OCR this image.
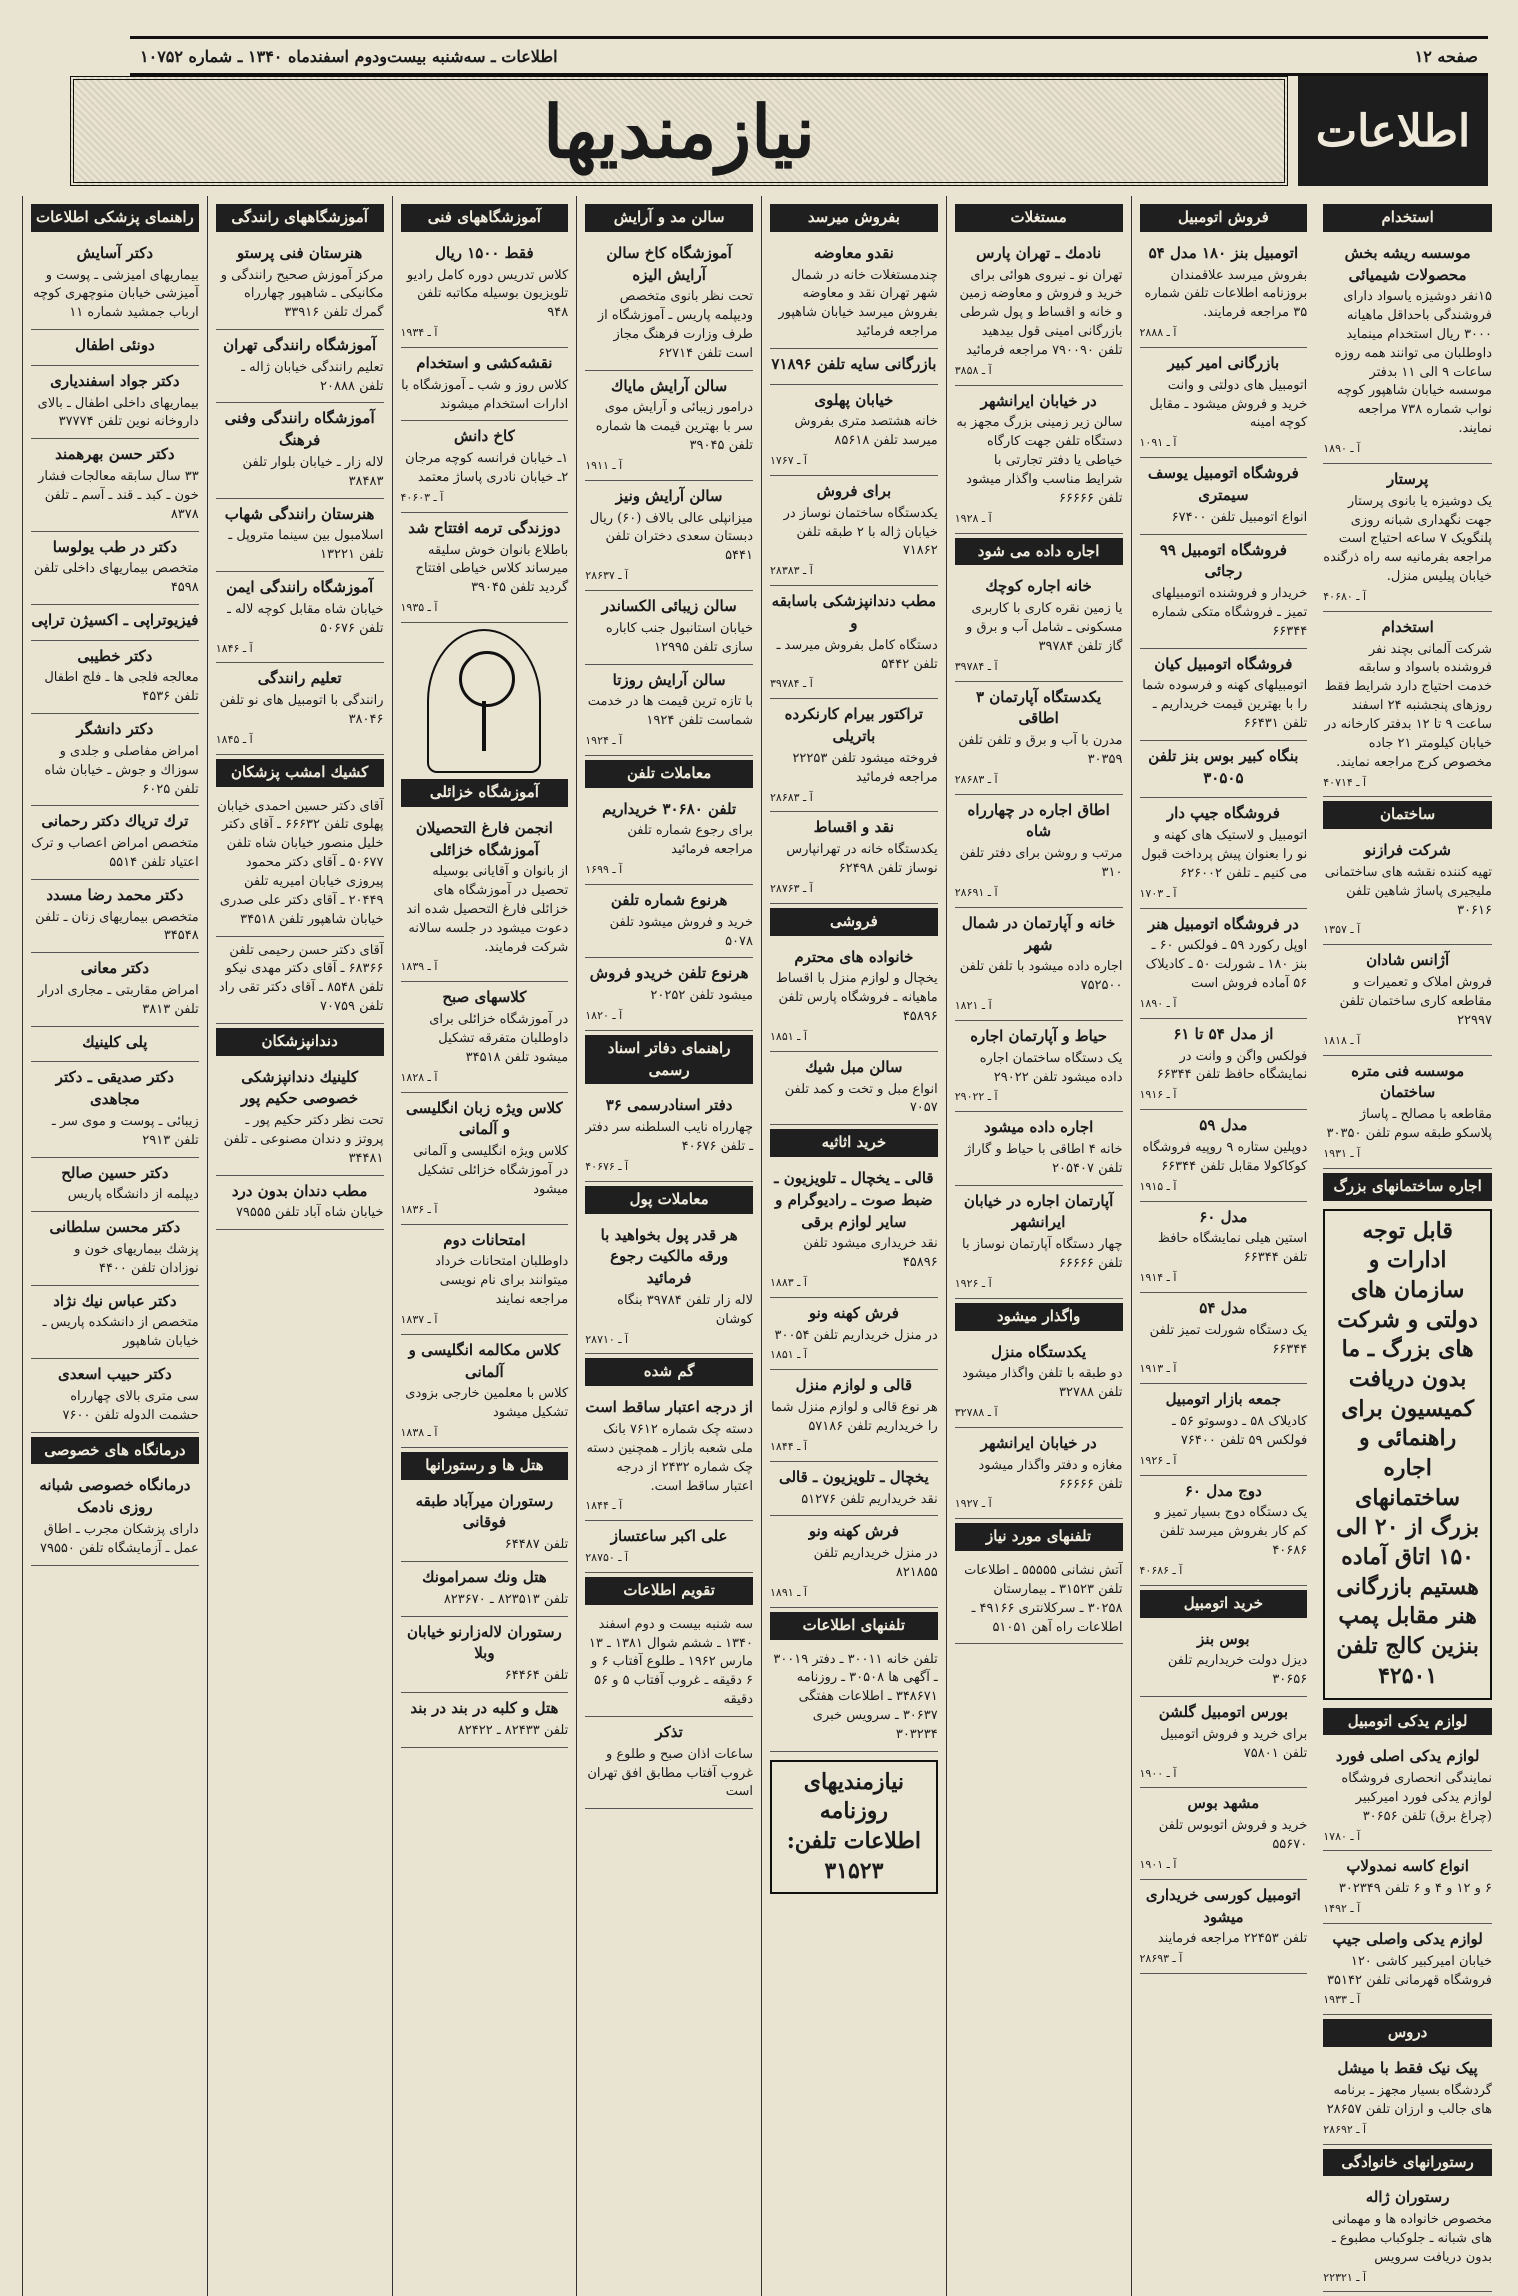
صفحه ۱۲
اطلاعات ـ سه‌شنبه بیست‌ودوم اسفندماه ۱۳۴۰ ـ شماره ۱۰۷۵۲
اطلاعات
نیازمندیها
استخدام
موسسه ریشه بخش محصولات شیمیائی

۱۵نفر دوشیزه یاسواد دارای فروشندگی باحداقل ماهیانه ۳۰۰۰ ریال استخدام مینماید داوطلبان می توانند همه روزه ساعات ۹ الی ۱۱ بدفتر موسسه خیابان شاهپور کوچه نواب شماره ۷۳۸ مراجعه نمایند.

آ ـ ۱۸۹۰
پرستار

یک دوشیزه یا بانوی پرستار جهت نگهداری شبانه روزی پلنگویک ۷ ساعه احتیاج است مراجعه بفرمانیه سه راه ذرگنده خیابان پیلیس منزل.

آ ـ ۴۰۶۸۰
استخدام

شرکت آلمانی بچند نفر فروشنده باسواد و سابقه خدمت احتیاج دارد شرایط فقط روزهای پنجشنبه ۲۴ اسفند ساعت ۹ تا ۱۲ بدفتر کارخانه در خیابان کیلومتر ۲۱ جاده مخصوص کرج مراجعه نمایند.

آ ـ ۴۰۷۱۴
ساختمان
شرکت فرازنو

تهیه کننده نقشه های ساختمانی ملیجیری پاساژ شاهین تلفن ۳۰۶۱۶

آ ـ ۱۳۵۷
آژانس شادان

فروش املاک و تعمیرات و مقاطعه کاری ساختمان تلفن ۲۲۹۹۷

آ ـ ۱۸۱۸
موسسه فنی متره ساختمان

مقاطعه با مصالح ـ پاساژ پلاسکو طبقه سوم تلفن ۳۰۳۵۰

آ ـ ۱۹۳۱
اجاره ساختمانهای بزرگ
قابل توجه ادارات و سازمان های دولتی و شرکت های بزرگ ـ ما بدون دریافت کمیسیون برای راهنمائی و اجاره ساختمانهای بزرگ از ۲۰ الی ۱۵۰ اتاق آماده هستیم بازرگانی هنر مقابل پمپ بنزین کالج تلفن ۴۲۵۰۱
لوازم یدکی اتومبیل
لوازم یدکی اصلی فورد

نمایندگی انحصاری فروشگاه لوازم یدکی فورد امیرکبیر (چراغ برق) تلفن ۳۰۶۵۶

آ ـ ۱۷۸۰
انواع کاسه نمدولاپ

۶ و ۱۲ و ۴ و ۶ تلفن ۳۰۲۳۴۹

آ ـ ۱۴۹۲
لوازم یدکی واصلی جیپ

خیابان امیرکبیر کاشی ۱۲۰ فروشگاه قهرمانی تلفن ۳۵۱۴۲

آ ـ ۱۹۳۳
دروس
پیک نیک فقط با میشل

گردشگاه بسیار مجهز ـ برنامه های جالب و ارزان تلفن ۲۸۶۵۷

آ ـ ۲۸۶۹۲
رستورانهای خانوادگی
رستوران ژاله

مخصوص خانواده ها و مهمانی های شبانه ـ جلوکباب مطبوع ـ بدون دریافت سرویس

آ ـ ۲۲۳۲۱
فروش اتومبیل
اتومبیل بنز ۱۸۰ مدل ۵۴

بفروش میرسد علاقمندان بروزنامه اطلاعات تلفن شماره ۳۵ مراجعه فرمایند.

آ ـ ۲۸۸۸
بازرگانی امیر کبیر

اتومبیل های دولتی و وانت خرید و فروش میشود ـ مقابل کوچه امینه

آ ـ ۱۰۹۱
فروشگاه اتومبیل یوسف سیمتری

انواع اتومبیل تلفن ۶۷۴۰۰

فروشگاه اتومبیل ۹۹ رجائی

خریدار و فروشنده اتومبیلهای تمیز ـ فروشگاه متکی شماره ۶۶۳۴۴

فروشگاه اتومبیل کیان

اتومبیلهای کهنه و فرسوده شما را با بهترین قیمت خریداریم ـ تلفن ۶۶۴۳۱

بنگاه کبیر بوس بنز تلفن ۳۰۵۰۵
فروشگاه جیپ دار

اتومبیل و لاستیک های کهنه و نو را بعنوان پیش پرداخت قبول می کنیم ـ تلفن ۶۲۶۰۰۲

آ ـ ۱۷۰۳
در فروشگاه اتومبیل هنر

اوپل رکورد ۵۹ ـ فولکس ۶۰ ـ بنز ۱۸۰ ـ شورلت ۵۰ ـ کادیلاک ۵۶ آماده فروش است

آ ـ ۱۸۹۰
از مدل ۵۴ تا ۶۱

فولکس واگن و وانت در نمایشگاه حافظ تلفن ۶۶۳۴۴

آ ـ ۱۹۱۶
مدل ۵۹

دوپلین ستاره ۹ روپیه فروشگاه کوکاکولا مقابل تلفن ۶۶۳۴۴

آ ـ ۱۹۱۵
مدل ۶۰

استین هیلی نمایشگاه حافظ تلفن ۶۶۳۴۴

آ ـ ۱۹۱۴
مدل ۵۴

یک دستگاه شورلت تمیز تلفن ۶۶۳۴۴

آ ـ ۱۹۱۳
جمعه بازار اتومبیل

کادیلاک ۵۸ ـ دوسوتو ۵۶ ـ فولکس ۵۹ تلفن ۷۶۴۰۰

آ ـ ۱۹۲۶
دوج مدل ۶۰

یک دستگاه دوج بسیار تمیز و کم کار بفروش میرسد تلفن ۴۰۶۸۶

آ ـ ۴۰۶۸۶
خرید اتومبیل
بوس بنز

دیزل دولت خریداریم تلفن ۳۰۶۵۶

بورس اتومبیل گلشن

برای خرید و فروش اتومبیل تلفن ۷۵۸۰۱

آ ـ ۱۹۰۰
مشهد بوس

خرید و فروش اتوبوس تلفن ۵۵۶۷۰

آ ـ ۱۹۰۱
اتومبیل کورسی خریداری میشود

تلفن ۲۲۴۵۳ مراجعه فرمایند

آ ـ ۲۸۶۹۳
مستغلات
نادمك ـ تهران پارس

تهران نو ـ نیروی هوائی برای خرید و فروش و معاوضه زمین و خانه و اقساط و پول شرطی بازرگانی امینی قول بیدهید تلفن ۷۹۰۰۹۰ مراجعه فرمائید

آ ـ ۳۸۵۸
در خیابان ایرانشهر

سالن زیر زمینی بزرگ مجهز به دستگاه تلفن جهت کارگاه خیاطی یا دفتر تجارتی با شرایط مناسب واگذار میشود تلفن ۶۶۶۶۶

آ ـ ۱۹۲۸
اجاره داده می شود
خانه اجاره کوچك

یا زمین نقره کاری با کاربری مسکونی ـ شامل آب و برق و گاز تلفن ۳۹۷۸۴

آ ـ ۳۹۷۸۴
یکدستگاه آپارتمان ۳ اطاقی

مدرن با آب و برق و تلفن تلفن ۳۰۳۵۹

آ ـ ۲۸۶۸۳
اطاق اجاره در چهارراه شاه

مرتب و روشن برای دفتر تلفن ۳۱۰

آ ـ ۲۸۶۹۱
خانه و آپارتمان در شمال شهر

اجاره داده میشود با تلفن تلفن ۷۵۲۵۰۰

آ ـ ۱۸۲۱
حیاط و آپارتمان اجاره

یک دستگاه ساختمان اجاره داده میشود تلفن ۲۹۰۲۲

آ ـ ۲۹۰۲۲
اجاره داده میشود

خانه ۴ اطاقی با حیاط و گاراژ تلفن ۲۰۵۴۰۷

آپارتمان اجاره در خیابان ایرانشهر

چهار دستگاه آپارتمان نوساز با تلفن ۶۶۶۶۶

آ ـ ۱۹۲۶
واگذار میشود
یکدستگاه منزل

دو طبقه با تلفن واگذار میشود تلفن ۳۲۷۸۸

آ ـ ۳۲۷۸۸
در خیابان ایرانشهر

مغازه و دفتر واگذار میشود تلفن ۶۶۶۶۶

آ ـ ۱۹۲۷
تلفنهای مورد نیاز

آتش نشانی ۵۵۵۵۵ ـ اطلاعات تلفن ۳۱۵۲۳ ـ بیمارستان ۳۰۲۵۸ ـ سرکلانتری ۴۹۱۶۶ ـ اطلاعات راه آهن ۵۱۰۵۱

بفروش میرسد
نقدو معاوضه

چندمستغلات خانه در شمال شهر تهران نقد و معاوضه بفروش میرسد خیابان شاهپور مراجعه فرمائید

بازرگانی سایه تلفن ۷۱۸۹۶
خیابان پهلوی

خانه هشتصد متری بفروش میرسد تلفن ۸۵۶۱۸

آ ـ ۱۷۶۷
برای فروش

یکدستگاه ساختمان نوساز در خیابان ژاله با ۲ طبقه تلفن ۷۱۸۶۲

آ ـ ۲۸۳۸۳
مطب دندانپزشکی باسابقه و

دستگاه کامل بفروش میرسد ـ تلفن ۵۴۴۲

آ ـ ۳۹۷۸۴
تراکتور بیرام کارنکرده باتریلی

فروخته میشود تلفن ۲۲۲۵۳ مراجعه فرمائید

آ ـ ۲۸۶۸۳
نقد و اقساط

یکدستگاه خانه در تهرانپارس نوساز تلفن ۶۲۴۹۸

آ ـ ۲۸۷۶۳
فروشی
خانواده های محترم

یخچال و لوازم منزل با اقساط ماهیانه ـ فروشگاه پارس تلفن ۴۵۸۹۶

آ ـ ۱۸۵۱
سالن مبل شیك

انواع مبل و تخت و کمد تلفن ۷۰۵۷

خرید اثاثیه
قالی ـ یخچال ـ تلویزیون ـ ضبط صوت ـ رادیوگرام و سایر لوازم برقی

نقد خریداری میشود تلفن ۴۵۸۹۶

آ ـ ۱۸۸۳
فرش کهنه ونو

در منزل خریداریم تلفن ۳۰۰۵۴

آ ـ ۱۸۵۱
قالی و لوازم منزل

هر نوع قالی و لوازم منزل شما را خریداریم تلفن ۵۷۱۸۶

آ ـ ۱۸۴۴
یخچال ـ تلویزیون ـ قالی

نقد خریداریم تلفن ۵۱۲۷۶

فرش کهنه ونو

در منزل خریداریم تلفن ۸۲۱۸۵۵

آ ـ ۱۸۹۱
تلفنهای اطلاعات

تلفن خانه ۳۰۰۱۱ ـ دفتر ۳۰۰۱۹ ـ آگهی ها ۳۰۵۰۸ ـ روزنامه ۳۴۸۶۷۱ ـ اطلاعات هفتگی ۳۰۶۳۷ ـ سرویس خبری ۳۰۳۲۳۴

نیازمندیهای روزنامه اطلاعات تلفن: ۳۱۵۲۳
سالن مد و آرایش
آموزشگاه کاخ سالن آرایش الیزه

تحت نظر بانوی متخصص ودیپلمه پاریس ـ آموزشگاه از طرف وزارت فرهنگ مجاز است تلفن ۶۲۷۱۴

سالن آرایش مایاك

درامور زیبائی و آرایش موی سر با بهترین قیمت ها شماره تلفن ۳۹۰۴۵

آ ـ ۱۹۱۱
سالن آرایش ونیز

میزانپلی عالی بالاف (۶۰) ریال دبستان سعدی دختران تلفن ۵۴۴۱

آ ـ ۲۸۶۳۷
سالن زیبائی الکساندر

خیابان استانبول جنب کاباره سازی تلفن ۱۲۹۹۵

سالن آرایش روزتا

با تازه ترین قیمت ها در خدمت شماست تلفن ۱۹۲۴

آ ـ ۱۹۲۴
معاملات تلفن
تلفن ۳۰۶۸۰ خریداریم

برای رجوع شماره تلفن مراجعه فرمائید

آ ـ ۱۶۹۹
هرنوع شماره تلفن

خرید و فروش میشود تلفن ۵۰۷۸

هرنوع تلفن خریدو فروش

میشود تلفن ۲۰۲۵۲

آ ـ ۱۸۲۰
راهنمای دفاتر اسناد رسمی
دفتر اسنادرسمی ۳۶

چهارراه نایب السلطنه سر دفتر ـ تلفن ۴۰۶۷۶

آ ـ ۴۰۶۷۶
معاملات پول
هر قدر پول بخواهید با ورقه مالکیت رجوع فرمائید

لاله زار تلفن ۳۹۷۸۴ بنگاه کوشان

آ ـ ۲۸۷۱۰
گم شده
از درجه اعتبار ساقط است

دسته چک شماره ۷۶۱۲ بانک ملی شعبه بازار ـ همچنین دسته چک شماره ۲۴۳۲ از درجه اعتبار ساقط است.

آ ـ ۱۸۴۴
علی اکبر ساعتساز
آ ـ ۲۸۷۵۰
تقویم اطلاعات

سه شنبه بیست و دوم اسفند ۱۳۴۰ ـ ششم شوال ۱۳۸۱ ـ ۱۳ مارس ۱۹۶۲ ـ طلوع آفتاب ۶ و ۶ دقیقه ـ غروب آفتاب ۵ و ۵۶ دقیقه

تذکر

ساعات اذان صبح و طلوع و غروب آفتاب مطابق افق تهران است

آموزشگاههای فنی
فقط ۱۵۰۰ ریال

کلاس تدریس دوره کامل رادیو تلویزیون بوسیله مکاتبه تلفن ۹۴۸

آ ـ ۱۹۳۴
نقشه‌کشی و استخدام

کلاس روز و شب ـ آموزشگاه با ادارات استخدام میشوند

کاخ دانش

۱ـ خیابان فرانسه کوچه مرجان ۲ـ خیابان نادری پاساژ معتمد

آ ـ ۴۰۶۰۳
دوزندگی ترمه افتتاح شد

باطلاع بانوان خوش سلیقه میرساند کلاس خیاطی افتتاح گردید تلفن ۳۹۰۴۵

آ ـ ۱۹۳۵
آموزشگاه خزائلی
انجمن فارغ التحصیلان آموزشگاه خزائلی

از بانوان و آقایانی بوسیله تحصیل در آموزشگاه های خزائلی فارغ التحصیل شده اند دعوت میشود در جلسه سالانه شرکت فرمایند.

آ ـ ۱۸۳۹
کلاسهای صبح

در آموزشگاه خزائلی برای داوطلبان متفرقه تشکیل میشود تلفن ۳۴۵۱۸

آ ـ ۱۸۲۸
کلاس ویژه زبان انگلیسی و آلمانی

کلاس ویژه انگلیسی و آلمانی در آموزشگاه خزائلی تشکیل میشود

آ ـ ۱۸۳۶
امتحانات دوم

داوطلبان امتحانات خرداد میتوانند برای نام نویسی مراجعه نمایند

آ ـ ۱۸۳۷
کلاس مکالمه انگلیسی و آلمانی

کلاس با معلمین خارجی بزودی تشکیل میشود

آ ـ ۱۸۳۸
هتل ها و رستورانها
رستوران میرآباد طبقه فوقانی

تلفن ۶۴۴۸۷

هتل ونك سمرامونك

تلفن ۸۲۳۵۱۳ ـ ۸۲۳۶۷۰

رستوران لاله‌زارنو خیابان وبلا

تلفن ۶۴۴۶۴

هتل و کلبه در بند در بند

تلفن ۸۲۴۳۳ ـ ۸۲۴۲۲

آموزشگاههای رانندگی
هنرستان فنی پرستو

مرکز آموزش صحیح رانندگی و مکانیکی ـ شاهپور چهارراه گمرك تلفن ۳۳۹۱۶

آموزشگاه رانندگی تهران

تعلیم رانندگی خیابان ژاله ـ تلفن ۲۰۸۸۸

آموزشگاه رانندگی وفنی فرهنگ

لاله زار ـ خیابان بلوار تلفن ۳۸۴۸۳

هنرستان رانندگی شهاب

اسلامبول بین سینما متروپل ـ تلفن ۱۳۲۲۱

آموزشگاه رانندگی ایمن

خیابان شاه مقابل کوچه لاله ـ تلفن ۵۰۶۷۶

آ ـ ۱۸۴۶
تعلیم رانندگی

رانندگی با اتومبیل های نو تلفن ۳۸۰۴۶

آ ـ ۱۸۴۵
کشیك امشب پزشکان

آقای دکتر حسین احمدی خیابان پهلوی تلفن ۶۶۶۳۲ ـ آقای دکتر خلیل منصور خیابان شاه تلفن ۵۰۶۷۷ ـ آقای دکتر محمود پیروزی خیابان امیریه تلفن ۲۰۴۴۹ ـ آقای دکتر علی صدری خیابان شاهپور تلفن ۳۴۵۱۸

آقای دکتر حسن رحیمی تلفن ۶۸۳۶۶ ـ آقای دکتر مهدی نیکو تلفن ۸۵۴۸ ـ آقای دکتر تقی راد تلفن ۷۰۷۵۹

دندانپزشکان
کلینیك دندانپزشکی خصوصی حکیم پور

تحت نظر دکتر حکیم پور ـ پروتز و دندان مصنوعی ـ تلفن ۳۴۴۸۱

مطب دندان بدون درد

خیابان شاه آباد تلفن ۷۹۵۵۵

راهنمای پزشکی اطلاعات
دکتر آسایش

بیماریهای امیزشی ـ پوست و آمیزشی خیابان منوچهری کوچه ارباب جمشید شماره ۱۱

دونئی اطفال
دکتر جواد اسفندیاری

بیماریهای داخلی اطفال ـ بالای داروخانه نوین تلفن ۳۷۷۷۴

دکتر حسن بهرهمند

۳۳ سال سابقه معالجات فشار خون ـ کبد ـ قند ـ آسم ـ تلفن ۸۳۷۸

دکتر در طب یولوسا

متخصص بیماریهای داخلی تلفن ۴۵۹۸

فیزیوتراپی ـ اکسیژن تراپی
دکتر خطیبی

معالجه فلجی ها ـ فلج اطفال تلفن ۴۵۳۶

دکتر دانشگر

امراض مفاصلی و جلدی و سوزاك و جوش ـ خیابان شاه تلفن ۶۰۲۵

ترك تریاك دکتر رحمانی

متخصص امراض اعصاب و ترک اعتیاد تلفن ۵۵۱۴

دکتر محمد رضا مسدد

متخصص بیماریهای زنان ـ تلفن ۳۴۵۴۸

دکتر معانی

امراض مقاربتی ـ مجاری ادرار تلفن ۳۸۱۳

پلی کلینیك
دکتر صدیقی ـ دکتر مجاهدی

زیبائی ـ پوست و موی سر ـ تلفن ۲۹۱۳

دکتر حسین صالح

دیپلمه از دانشگاه پاریس

دکتر محسن سلطانی

پزشك بیماریهای خون و نوزادان تلفن ۴۴۰۰

دکتر عباس نیك نژاد

متخصص از دانشکده پاریس ـ خیابان شاهپور

دکتر حبیب اسعدی

سی متری بالای چهارراه حشمت الدوله تلفن ۷۶۰۰

درمانگاه های خصوصی
درمانگاه خصوصی شبانه روزی نادمک

دارای پزشکان مجرب ـ اطاق عمل ـ آزمایشگاه تلفن ۷۹۵۵۰
